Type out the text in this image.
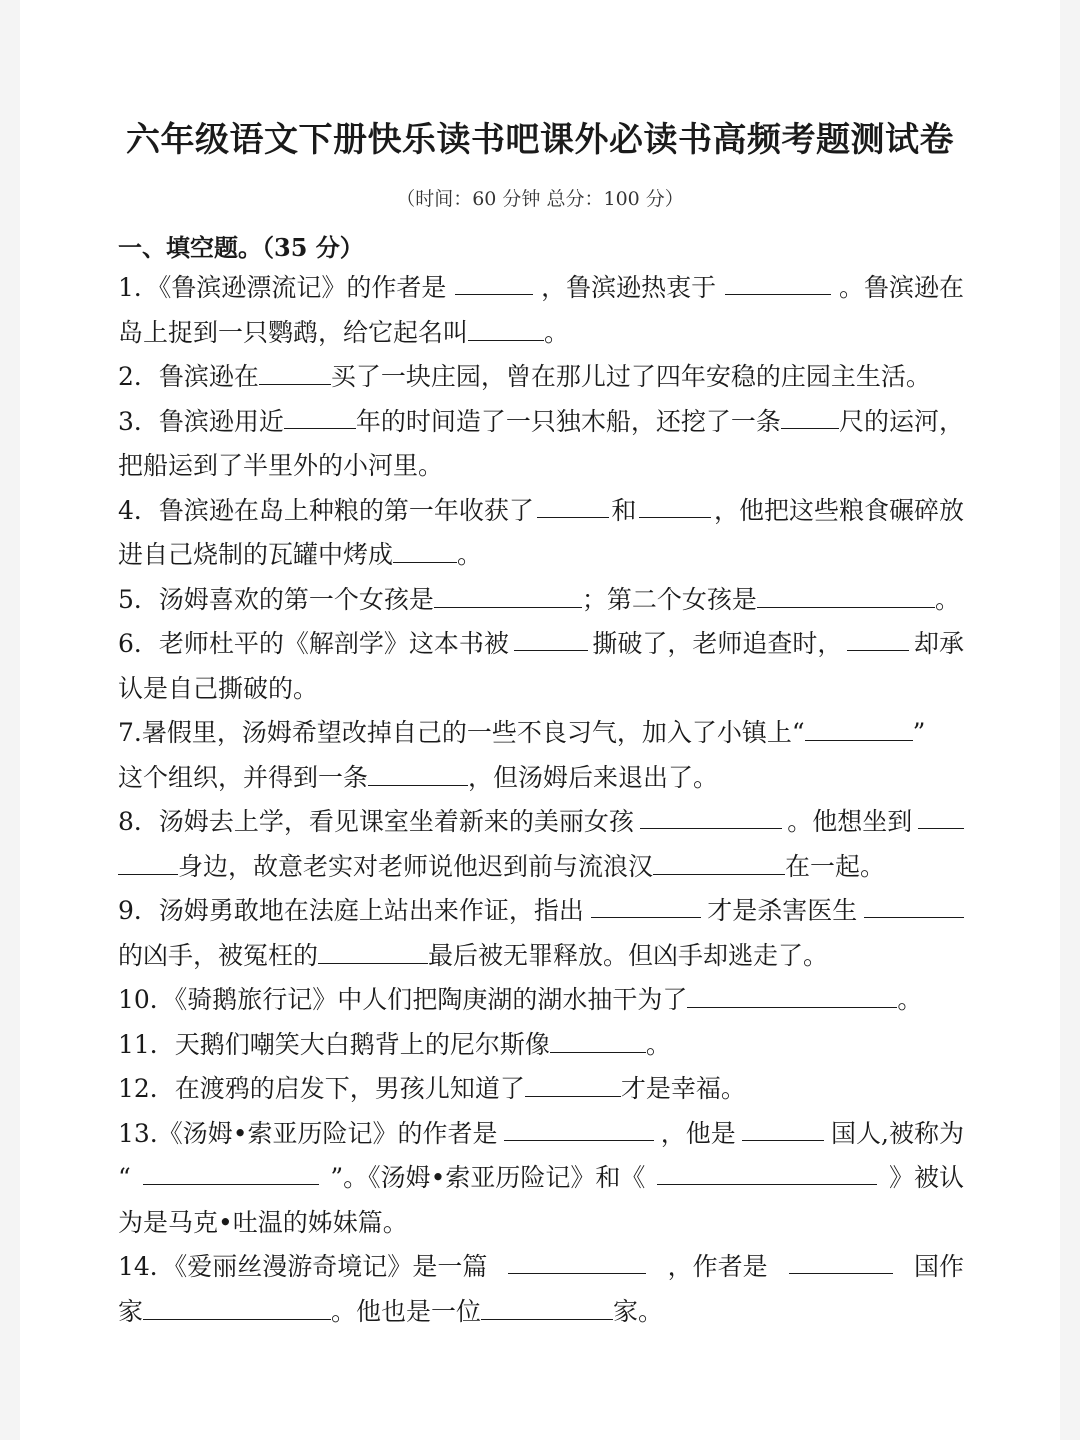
六年级语文下册快乐读书吧课外必读书高频考题测试卷
（时间：60 分钟 总分：100 分）
一、填空题。（35 分）
1．《鲁滨逊漂流记》的作者是	，鲁滨逊热衷于	。鲁滨逊在
岛上捉到一只鹦鹉，给它起名叫	。
2．鲁滨逊在	买了一块庄园，曾在那儿过了四年安稳的庄园主生活。
3．鲁滨逊用近	年的时间造了一只独木船，还挖了一条 尺的运河，
把船运到了半里外的小河里。
4．鲁滨逊在岛上种粮的第一年收获了	和	，他把这些粮食碾碎放
进自己烧制的瓦罐中烤成	。
5．汤姆喜欢的第一个女孩是	；第二个女孩是	。
6．老师杜平的《解剖学》这本书被	撕破了，老师追查时，	却承
认是自己撕破的。
7.暑假里，汤姆希望改掉自己的一些不良习气，加入了小镇上“	”
这个组织，并得到一条	，但汤姆后来退出了。
8．汤姆去上学，看见课室坐着新来的美丽女孩	。他想坐到
身边，故意老实对老师说他迟到前与流浪汉	在一起。
9．汤姆勇敢地在法庭上站出来作证，指出	才是杀害医生
的凶手，被冤枉的	最后被无罪释放。但凶手却逃走了。
10．《骑鹅旅行记》中人们把陶庚湖的湖水抽干为了	。
11．天鹅们嘲笑大白鹅背上的尼尔斯像	。
12．在渡鸦的启发下，男孩儿知道了	才是幸福。
13.《汤姆•索亚历险记》的作者是	，他是	国人,被称为
“	”。《汤姆•索亚历险记》和《	》被认
为是马克•吐温的姊妹篇。
14．《爱丽丝漫游奇境记》是一篇	，作者是	国作
家	。他也是一位	家。
